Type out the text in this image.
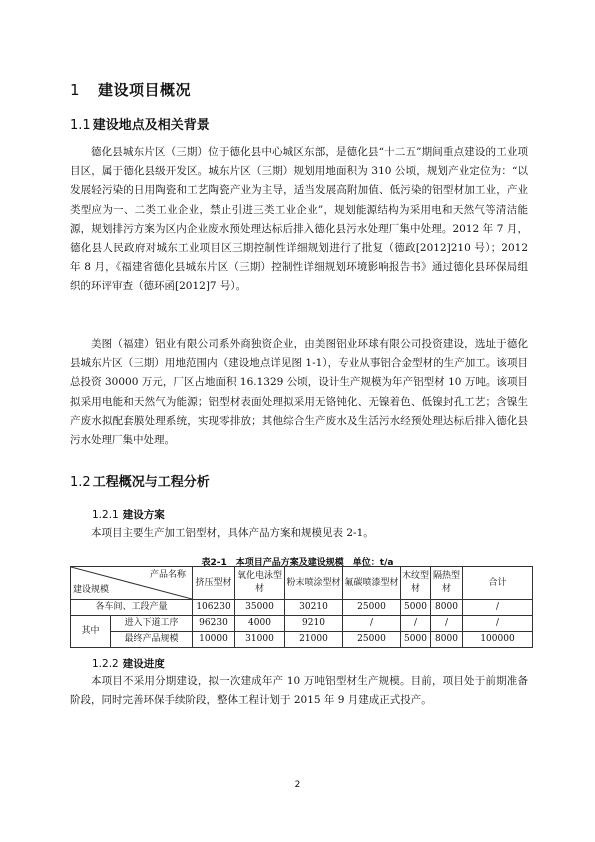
1 建设项目概况
1.1 建设地点及相关背景

德化县城东片区（三期）位于德化县中心城区东部，是德化县“十二五”期间重点建设的工业项目区，属于德化县级开发区。城东片区（三期）规划用地面积为 310 公顷，规划产业定位为：“以发展轻污染的日用陶瓷和工艺陶瓷产业为主导，适当发展高附加值、低污染的铝型材加工业，产业类型应为一、二类工业企业，禁止引进三类工业企业”，规划能源结构为采用电和天然气等清洁能源，规划排污方案为区内企业废水预处理达标后排入德化县污水处理厂集中处理。2012 年 7 月，德化县人民政府对城东工业项目区三期控制性详细规划进行了批复（德政[2012]210 号）；2012 年 8 月，《福建省德化县城东片区（三期）控制性详细规划环境影响报告书》通过德化县环保局组织的环评审查（德环函[2012]7 号）。

美图（福建）铝业有限公司系外商独资企业，由美图铝业环球有限公司投资建设，选址于德化县城东片区（三期）用地范围内（建设地点详见图 1-1），专业从事铝合金型材的生产加工。该项目总投资 30000 万元，厂区占地面积 16.1329 公顷，设计生产规模为年产铝型材 10 万吨。该项目拟采用电能和天然气为能源；铝型材表面处理拟采用无铬钝化、无镍着色、低镍封孔工艺；含镍生产废水拟配套膜处理系统，实现零排放；其他综合生产废水及生活污水经预处理达标后排入德化县污水处理厂集中处理。

1.2 工程概况与工程分析
1.2.1 建设方案

本项目主要生产加工铝型材，具体产品方案和规模见表 2-1。

表2-1　本项目产品方案及建设规模　单位：t/a
产品名称
建设规模		挤压型材	氧化电泳型材	粉末喷涂型材	氟碳喷漆型材	木纹型材	隔热型材	合计
各车间、工段产量		106230	35000	30210	25000	5000	8000	/
其中	进入下道工序	96230	4000	9210	/	/	/	/
	最终产品规模	10000	31000	21000	25000	5000	8000	100000
1.2.2 建设进度

本项目不采用分期建设，拟一次建成年产 10 万吨铝型材生产规模。目前，项目处于前期准备阶段，同时完善环保手续阶段，整体工程计划于 2015 年 9 月建成正式投产。

2
